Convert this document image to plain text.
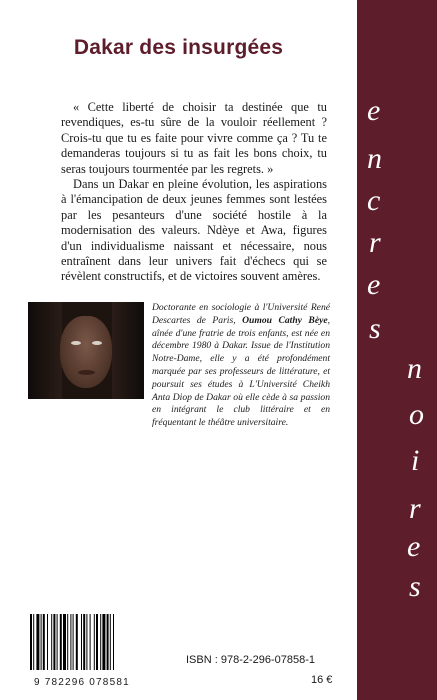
e
n
c
r
e
s
n
o
i
r
e
s
Dakar des insurgées

« Cette liberté de choisir ta destinée que tu revendiques, es-tu sûre de la vouloir réellement ? Crois-tu que tu es faite pour vivre comme ça ? Tu te demanderas toujours si tu as fait les bons choix, tu seras toujours tourmentée par les regrets. »

Dans un Dakar en pleine évolution, les aspirations à l'émancipation de deux jeunes femmes sont lestées par les pesanteurs d'une société hostile à la modernisation des valeurs. Ndèye et Awa, figures d'un individualisme naissant et nécessaire, nous entraînent dans leur univers fait d'échecs qui se révèlent constructifs, et de victoires souvent amères.

Doctorante en sociologie à l'Université René Descartes de Paris, Oumou Cathy Bèye, aînée d'une fratrie de trois enfants, est née en décembre 1980 à Dakar. Issue de l'Institution Notre-Dame, elle y a été profondément marquée par ses professeurs de littérature, et poursuit ses études à L'Université Cheikh Anta Diop de Dakar où elle cède à sa passion en intégrant le club littéraire et en fréquentant le théâtre universitaire.
9 782296 078581
ISBN : 978-2-296-07858-1
16 €
